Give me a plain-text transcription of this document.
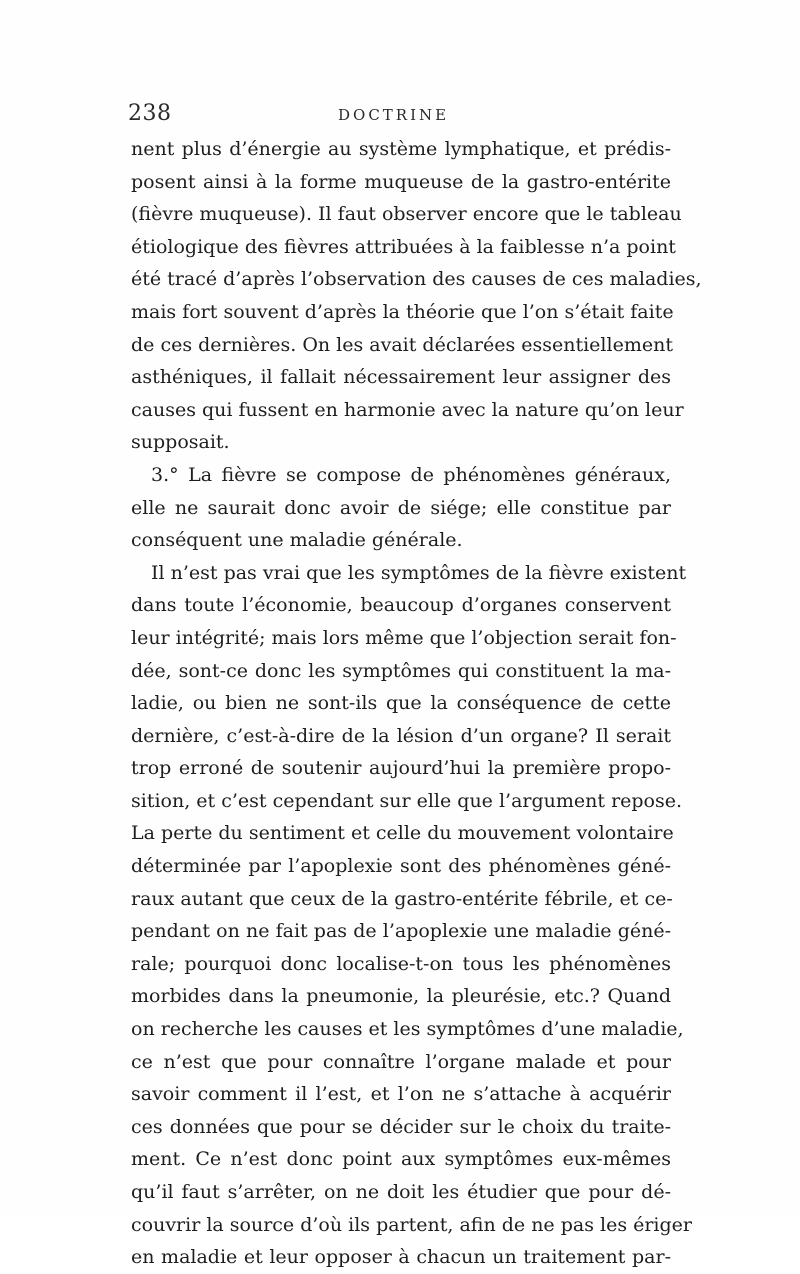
238	DOCTRINE
nent plus d’énergie au système lymphatique, et prédis-
posent ainsi à la forme muqueuse de la gastro-entérite
(fièvre muqueuse). Il faut observer encore que le tableau
étiologique des fièvres attribuées à la faiblesse n’a point
été tracé d’après l’observation des causes de ces maladies,
mais fort souvent d’après la théorie que l’on s’était faite
de ces dernières. On les avait déclarées essentiellement
asthéniques, il fallait nécessairement leur assigner des
causes qui fussent en harmonie avec la nature qu’on leur
supposait.
3.° La fièvre se compose de phénomènes généraux,
elle ne saurait donc avoir de siége; elle constitue par
conséquent une maladie générale.
Il n’est pas vrai que les symptômes de la fièvre existent
dans toute l’économie, beaucoup d’organes conservent
leur intégrité; mais lors même que l’objection serait fon-
dée, sont-ce donc les symptômes qui constituent la ma-
ladie, ou bien ne sont-ils que la conséquence de cette
dernière, c’est-à-dire de la lésion d’un organe? Il serait
trop erroné de soutenir aujourd’hui la première propo-
sition, et c’est cependant sur elle que l’argument repose.
La perte du sentiment et celle du mouvement volontaire
déterminée par l’apoplexie sont des phénomènes géné-
raux autant que ceux de la gastro-entérite fébrile, et ce-
pendant on ne fait pas de l’apoplexie une maladie géné-
rale; pourquoi donc localise-t-on tous les phénomènes
morbides dans la pneumonie, la pleurésie, etc.? Quand
on recherche les causes et les symptômes d’une maladie,
ce n’est que pour connaître l’organe malade et pour
savoir comment il l’est, et l’on ne s’attache à acquérir
ces données que pour se décider sur le choix du traite-
ment. Ce n’est donc point aux symptômes eux-mêmes
qu’il faut s’arrêter, on ne doit les étudier que pour dé-
couvrir la source d’où ils partent, afin de ne pas les ériger
en maladie et leur opposer à chacun un traitement par-
